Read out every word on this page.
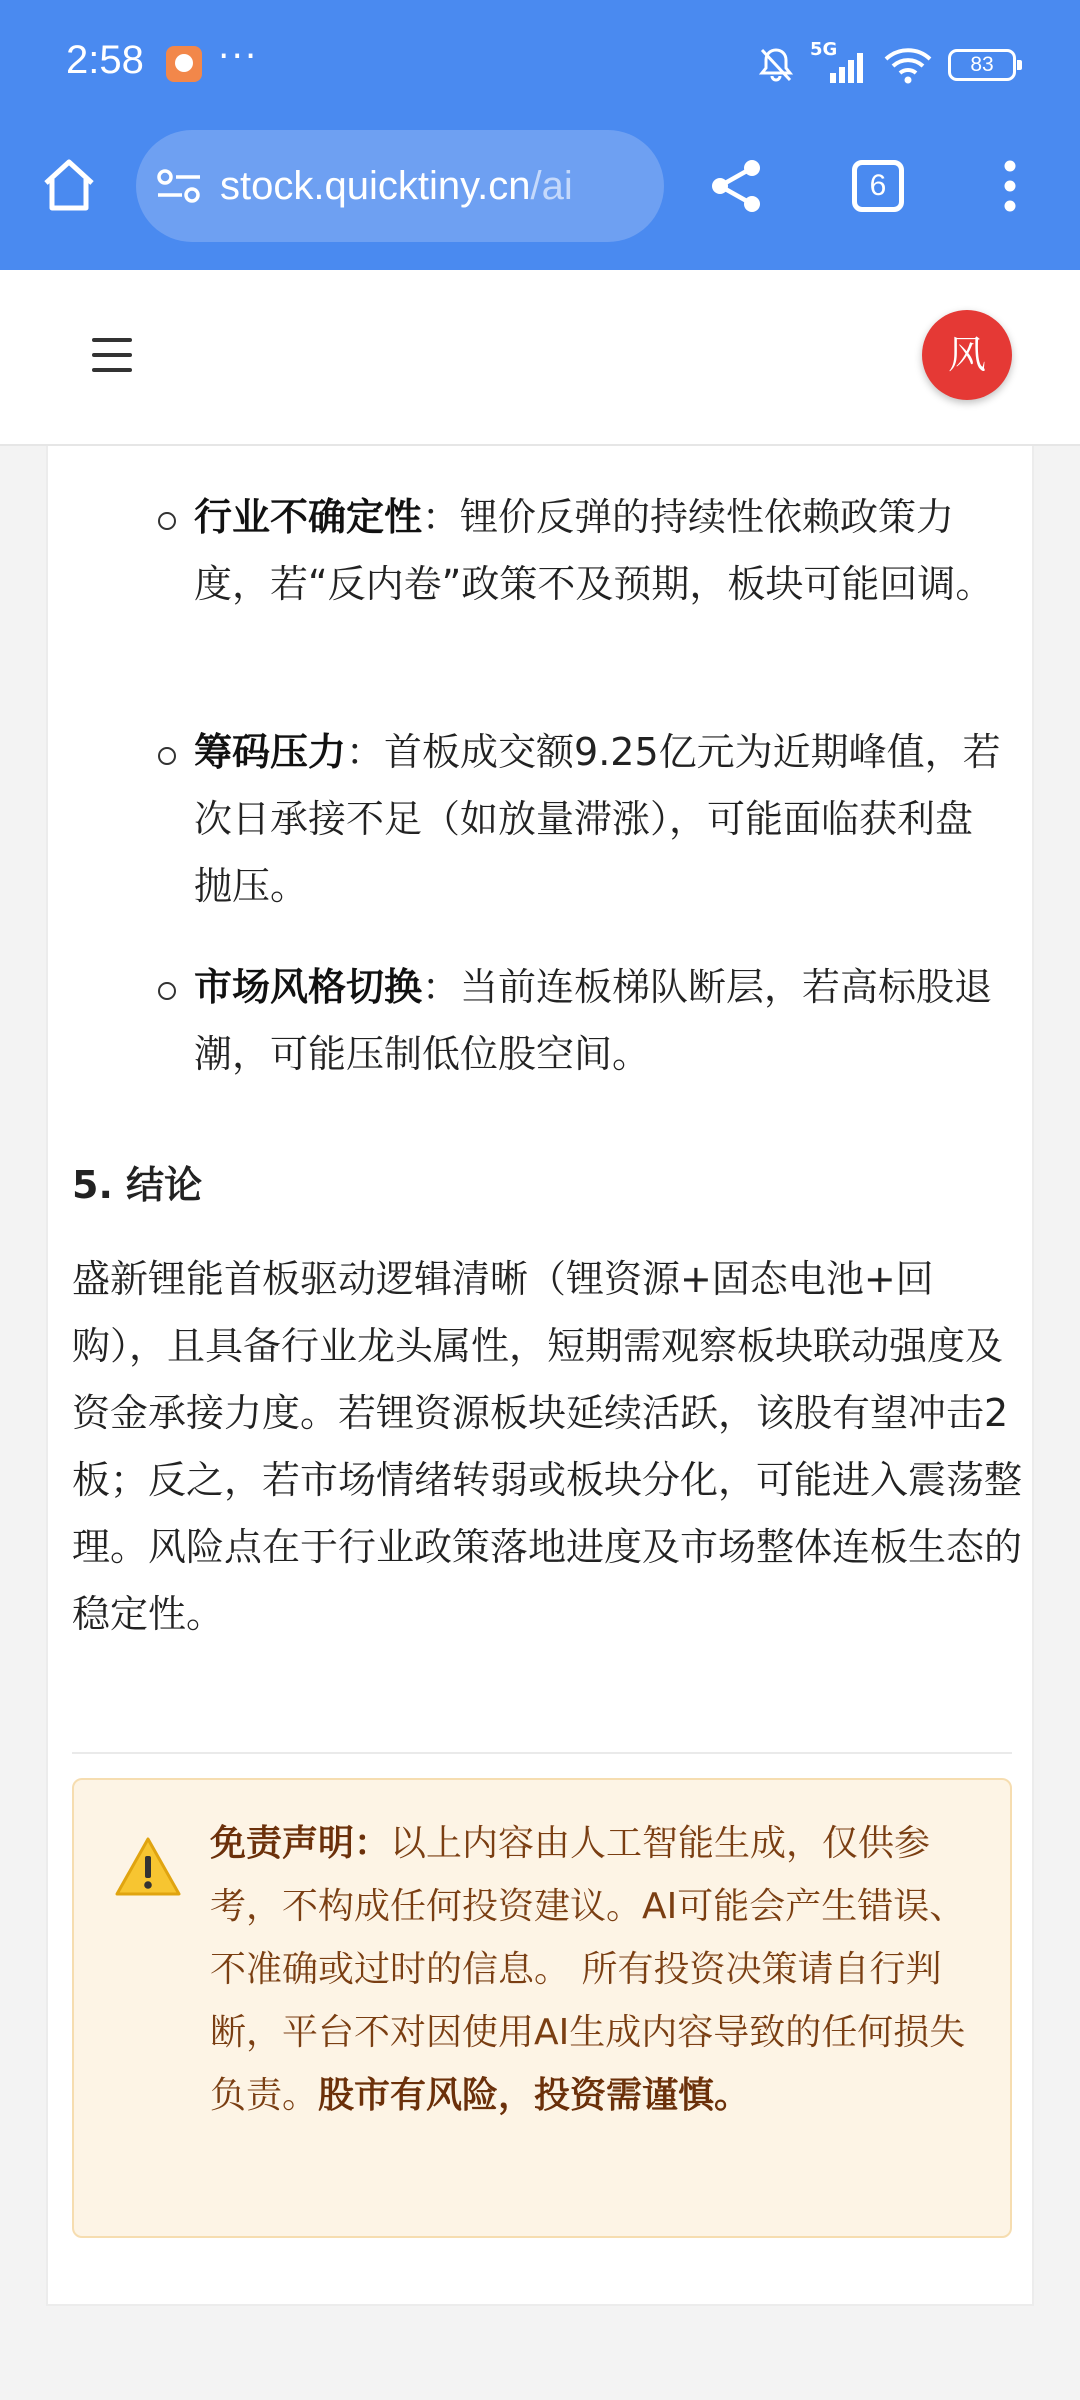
2:58 ···	5G
83
stock.quicktiny.cn/ai	6
风
行业不确定性：锂价反弹的持续性依赖政策力度，若“反内卷”政策不及预期，板块可能回调。
筹码压力：首板成交额9.25亿元为近期峰值，若次日承接不足（如放量滞涨），可能面临获利盘抛压。
市场风格切换：当前连板梯队断层，若高标股退潮，可能压制低位股空间。
5. 结论
盛新锂能首板驱动逻辑清晰（锂资源+固态电池+回购），且具备行业龙头属性，短期需观察板块联动强度及资金承接力度。若锂资源板块延续活跃，该股有望冲击2板；反之，若市场情绪转弱或板块分化，可能进入震荡整理。风险点在于行业政策落地进度及市场整体连板生态的稳定性。
免责声明：以上内容由人工智能生成，仅供参考，不构成任何投资建议。AI可能会产生错误、不准确或过时的信息。 所有投资决策请自行判断，平台不对因使用AI生成内容导致的任何损失负责。股市有风险，投资需谨慎。
